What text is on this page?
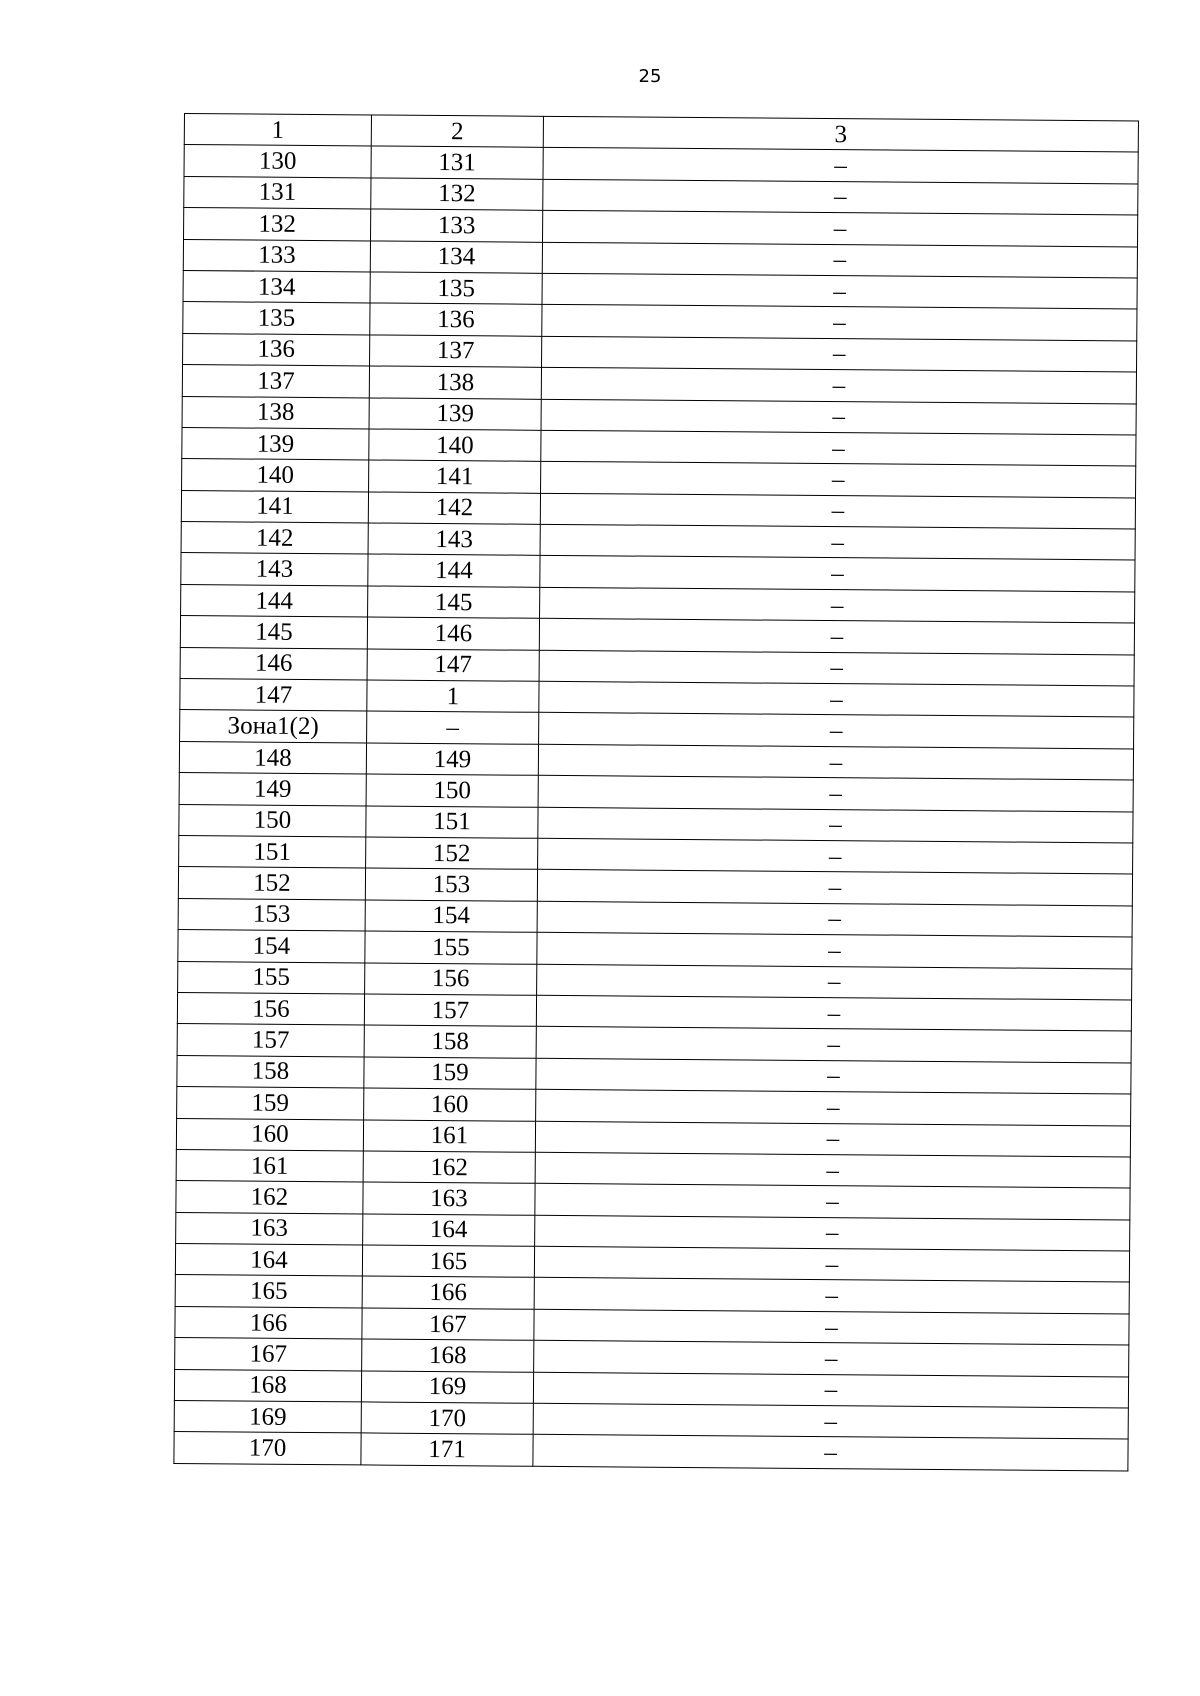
25
1	2	3
130	131	–
131	132	–
132	133	–
133	134	–
134	135	–
135	136	–
136	137	–
137	138	–
138	139	–
139	140	–
140	141	–
141	142	–
142	143	–
143	144	–
144	145	–
145	146	–
146	147	–
147	1	–
Зона1(2)	–	–
148	149	–
149	150	–
150	151	–
151	152	–
152	153	–
153	154	–
154	155	–
155	156	–
156	157	–
157	158	–
158	159	–
159	160	–
160	161	–
161	162	–
162	163	–
163	164	–
164	165	–
165	166	–
166	167	–
167	168	–
168	169	–
169	170	–
170	171	–
